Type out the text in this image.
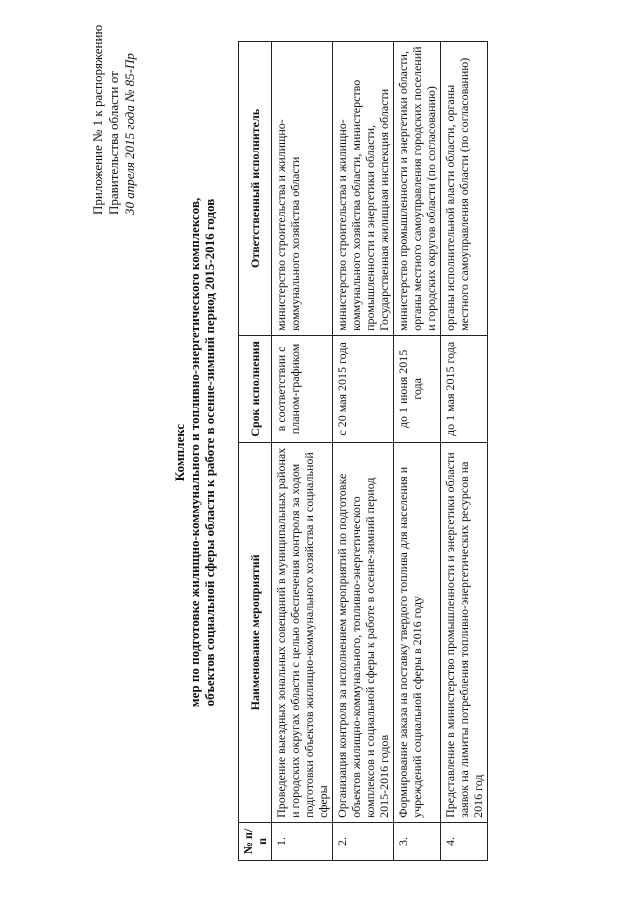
Приложение № 1 к распоряжению Правительства области от 30 апреля 2015 года № 85-Пр
Комплекс мер по подготовке жилищно-коммунального и топливно-энергетического комплексов, объектов социальной сферы области к работе в осенне-зимний период 2015-2016 годов
№ п/п	Наименование мероприятий	Срок исполнения	Ответственный исполнитель
1.	Проведение выездных зональных совещаний в муниципальных районах и городских округах области с целью обеспечения контроля за ходом подготовки объектов жилищно-коммунального хозяйства и социальной сферы	в соответствии с планом-графиком	министерство строительства и жилищно-коммунального хозяйства области
2.	Организация контроля за исполнением мероприятий по подготовке объектов жилищно-коммунального, топливно-энергетического комплексов и социальной сферы к работе в осенне-зимний период 2015-2016 годов	с 20 мая 2015 года	министерство строительства и жилищно-коммунального хозяйства области, министерство промышленности и энергетики области, Государственная жилищная инспекция области
3.	Формирование заказа на поставку твердого топлива для населения и учреждений социальной сферы в 2016 году	до 1 июня 2015 года	министерство промышленности и энергетики области, органы местного самоуправления городских поселений и городских округов области (по согласованию)
4.	Представление в министерство промышленности и энергетики области заявок на лимиты потребления топливно-энергетических ресурсов на 2016 год	до 1 мая 2015 года	органы исполнительной власти области, органы местного самоуправления области (по согласованию)
